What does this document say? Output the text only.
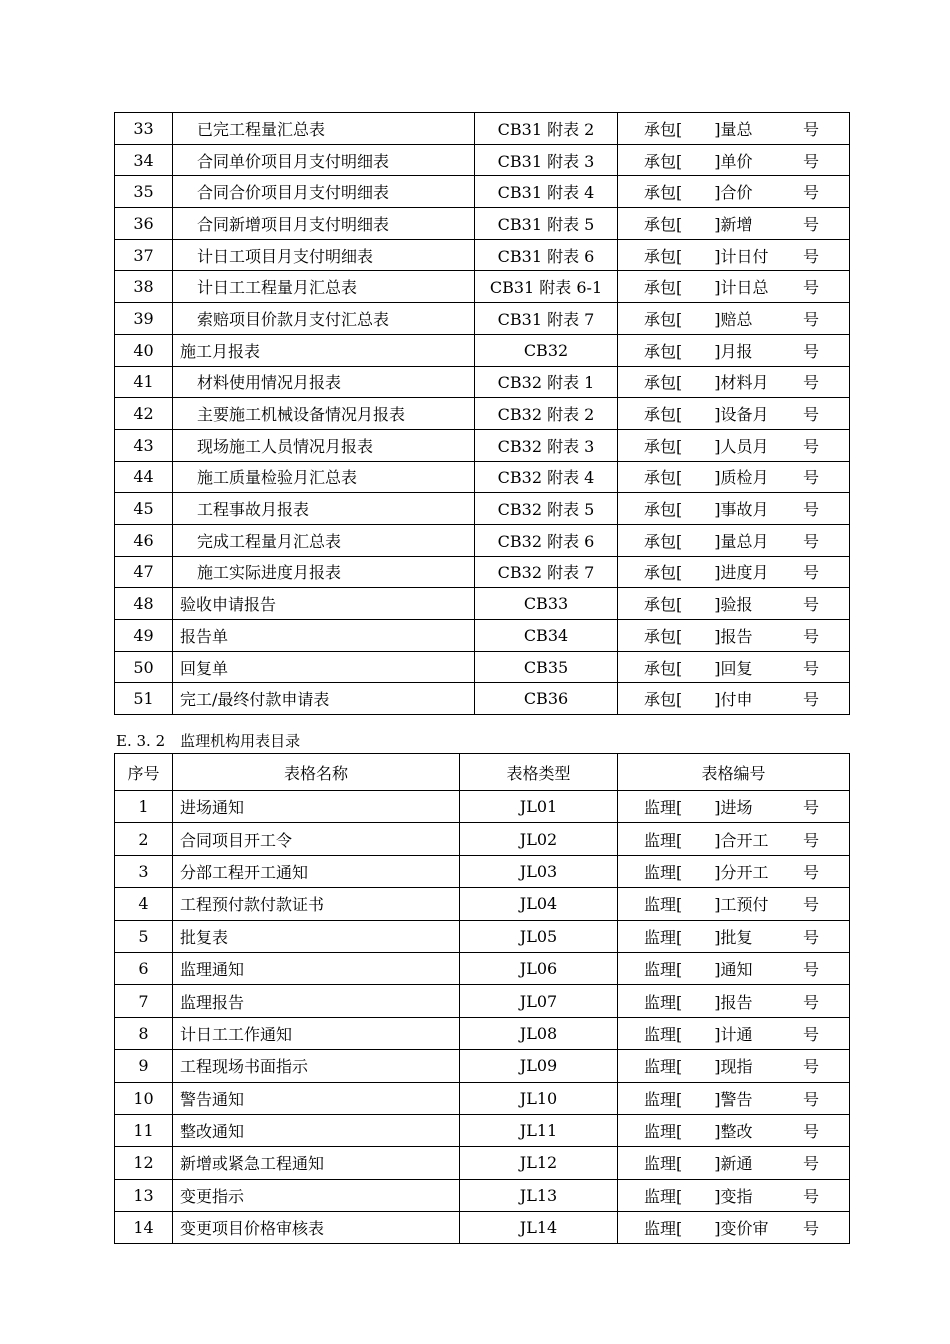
33	已完工程量汇总表	CB31 附表 2	承包[　　]量总 号

34	合同单价项目月支付明细表	CB31 附表 3	承包[　　]单价 号

35	合同合价项目月支付明细表	CB31 附表 4	承包[　　]合价 号

36	合同新增项目月支付明细表	CB31 附表 5	承包[　　]新增 号

37	计日工项目月支付明细表	CB31 附表 6	承包[　　]计日付 号

38	计日工工程量月汇总表	CB31 附表 6-1	承包[　　]计日总 号

39	索赔项目价款月支付汇总表	CB31 附表 7	承包[　　]赔总 号

40	施工月报表	CB32	承包[　　]月报 号

41	材料使用情况月报表	CB32 附表 1	承包[　　]材料月 号

42	主要施工机械设备情况月报表	CB32 附表 2	承包[　　]设备月 号

43	现场施工人员情况月报表	CB32 附表 3	承包[　　]人员月 号

44	施工质量检验月汇总表	CB32 附表 4	承包[　　]质检月 号

45	工程事故月报表	CB32 附表 5	承包[　　]事故月 号

46	完成工程量月汇总表	CB32 附表 6	承包[　　]量总月 号

47	施工实际进度月报表	CB32 附表 7	承包[　　]进度月 号

48	验收申请报告	CB33	承包[　　]验报 号

49	报告单	CB34	承包[　　]报告 号

50	回复单	CB35	承包[　　]回复 号

51	完工/最终付款申请表	CB36	承包[　　]付申 号
E. 3. 2　监理机构用表目录
序号	表格名称	表格类型	表格编号
1	进场通知	JL01	监理[　　]进场 号

2	合同项目开工令	JL02	监理[　　]合开工 号

3	分部工程开工通知	JL03	监理[　　]分开工 号

4	工程预付款付款证书	JL04	监理[　　]工预付 号

5	批复表	JL05	监理[　　]批复 号

6	监理通知	JL06	监理[　　]通知 号

7	监理报告	JL07	监理[　　]报告 号

8	计日工工作通知	JL08	监理[　　]计通 号

9	工程现场书面指示	JL09	监理[　　]现指 号

10	警告通知	JL10	监理[　　]警告 号

11	整改通知	JL11	监理[　　]整改 号

12	新增或紧急工程通知	JL12	监理[　　]新通 号

13	变更指示	JL13	监理[　　]变指 号

14	变更项目价格审核表	JL14	监理[　　]变价审 号
